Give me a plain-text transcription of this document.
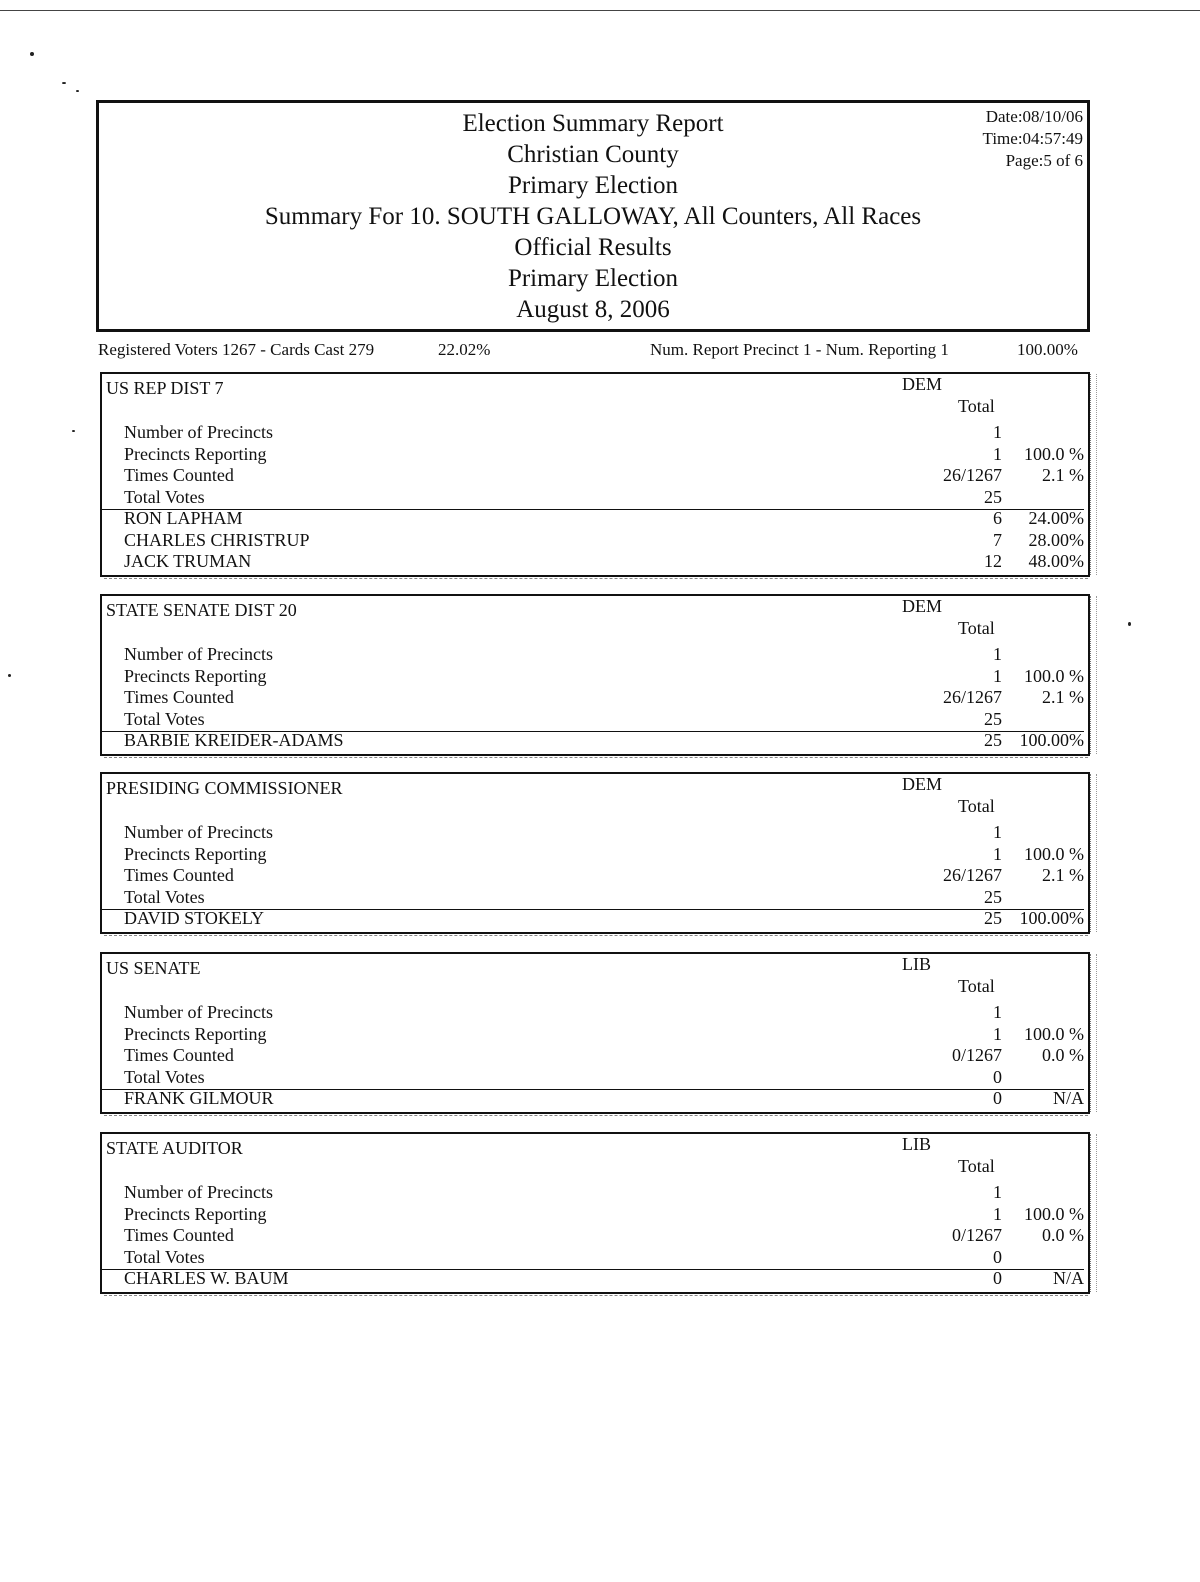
Election Summary Report
Christian County
Primary Election
Summary For 10. SOUTH GALLOWAY, All Counters, All Races
Official Results
Primary Election
August 8, 2006
Date:08/10/06
Time:04:57:49
Page:5 of 6
Registered Voters 1267 - Cards Cast 279	22.02%	Num. Report Precinct 1 - Num. Reporting 1	100.00%
US REP DIST 7	DEM
Total
Number of Precincts	1
Precincts Reporting	1 100.0 %
Times Counted	26/1267 2.1 %
Total Votes	25
RON LAPHAM	6 24.00%
CHARLES CHRISTRUP	7 28.00%
JACK TRUMAN	12 48.00%
STATE SENATE DIST 20	DEM
Total
Number of Precincts	1
Precincts Reporting	1 100.0 %
Times Counted	26/1267 2.1 %
Total Votes	25
BARBIE KREIDER-ADAMS	25 100.00%
PRESIDING COMMISSIONER	DEM
Total
Number of Precincts	1
Precincts Reporting	1 100.0 %
Times Counted	26/1267 2.1 %
Total Votes	25
DAVID STOKELY	25 100.00%
US SENATE	LIB
Total
Number of Precincts	1
Precincts Reporting	1 100.0 %
Times Counted	0/1267 0.0 %
Total Votes	0
FRANK GILMOUR	0	N/A
STATE AUDITOR	LIB
Total
Number of Precincts	1
Precincts Reporting	1 100.0 %
Times Counted	0/1267 0.0 %
Total Votes	0
CHARLES W. BAUM	0	N/A
